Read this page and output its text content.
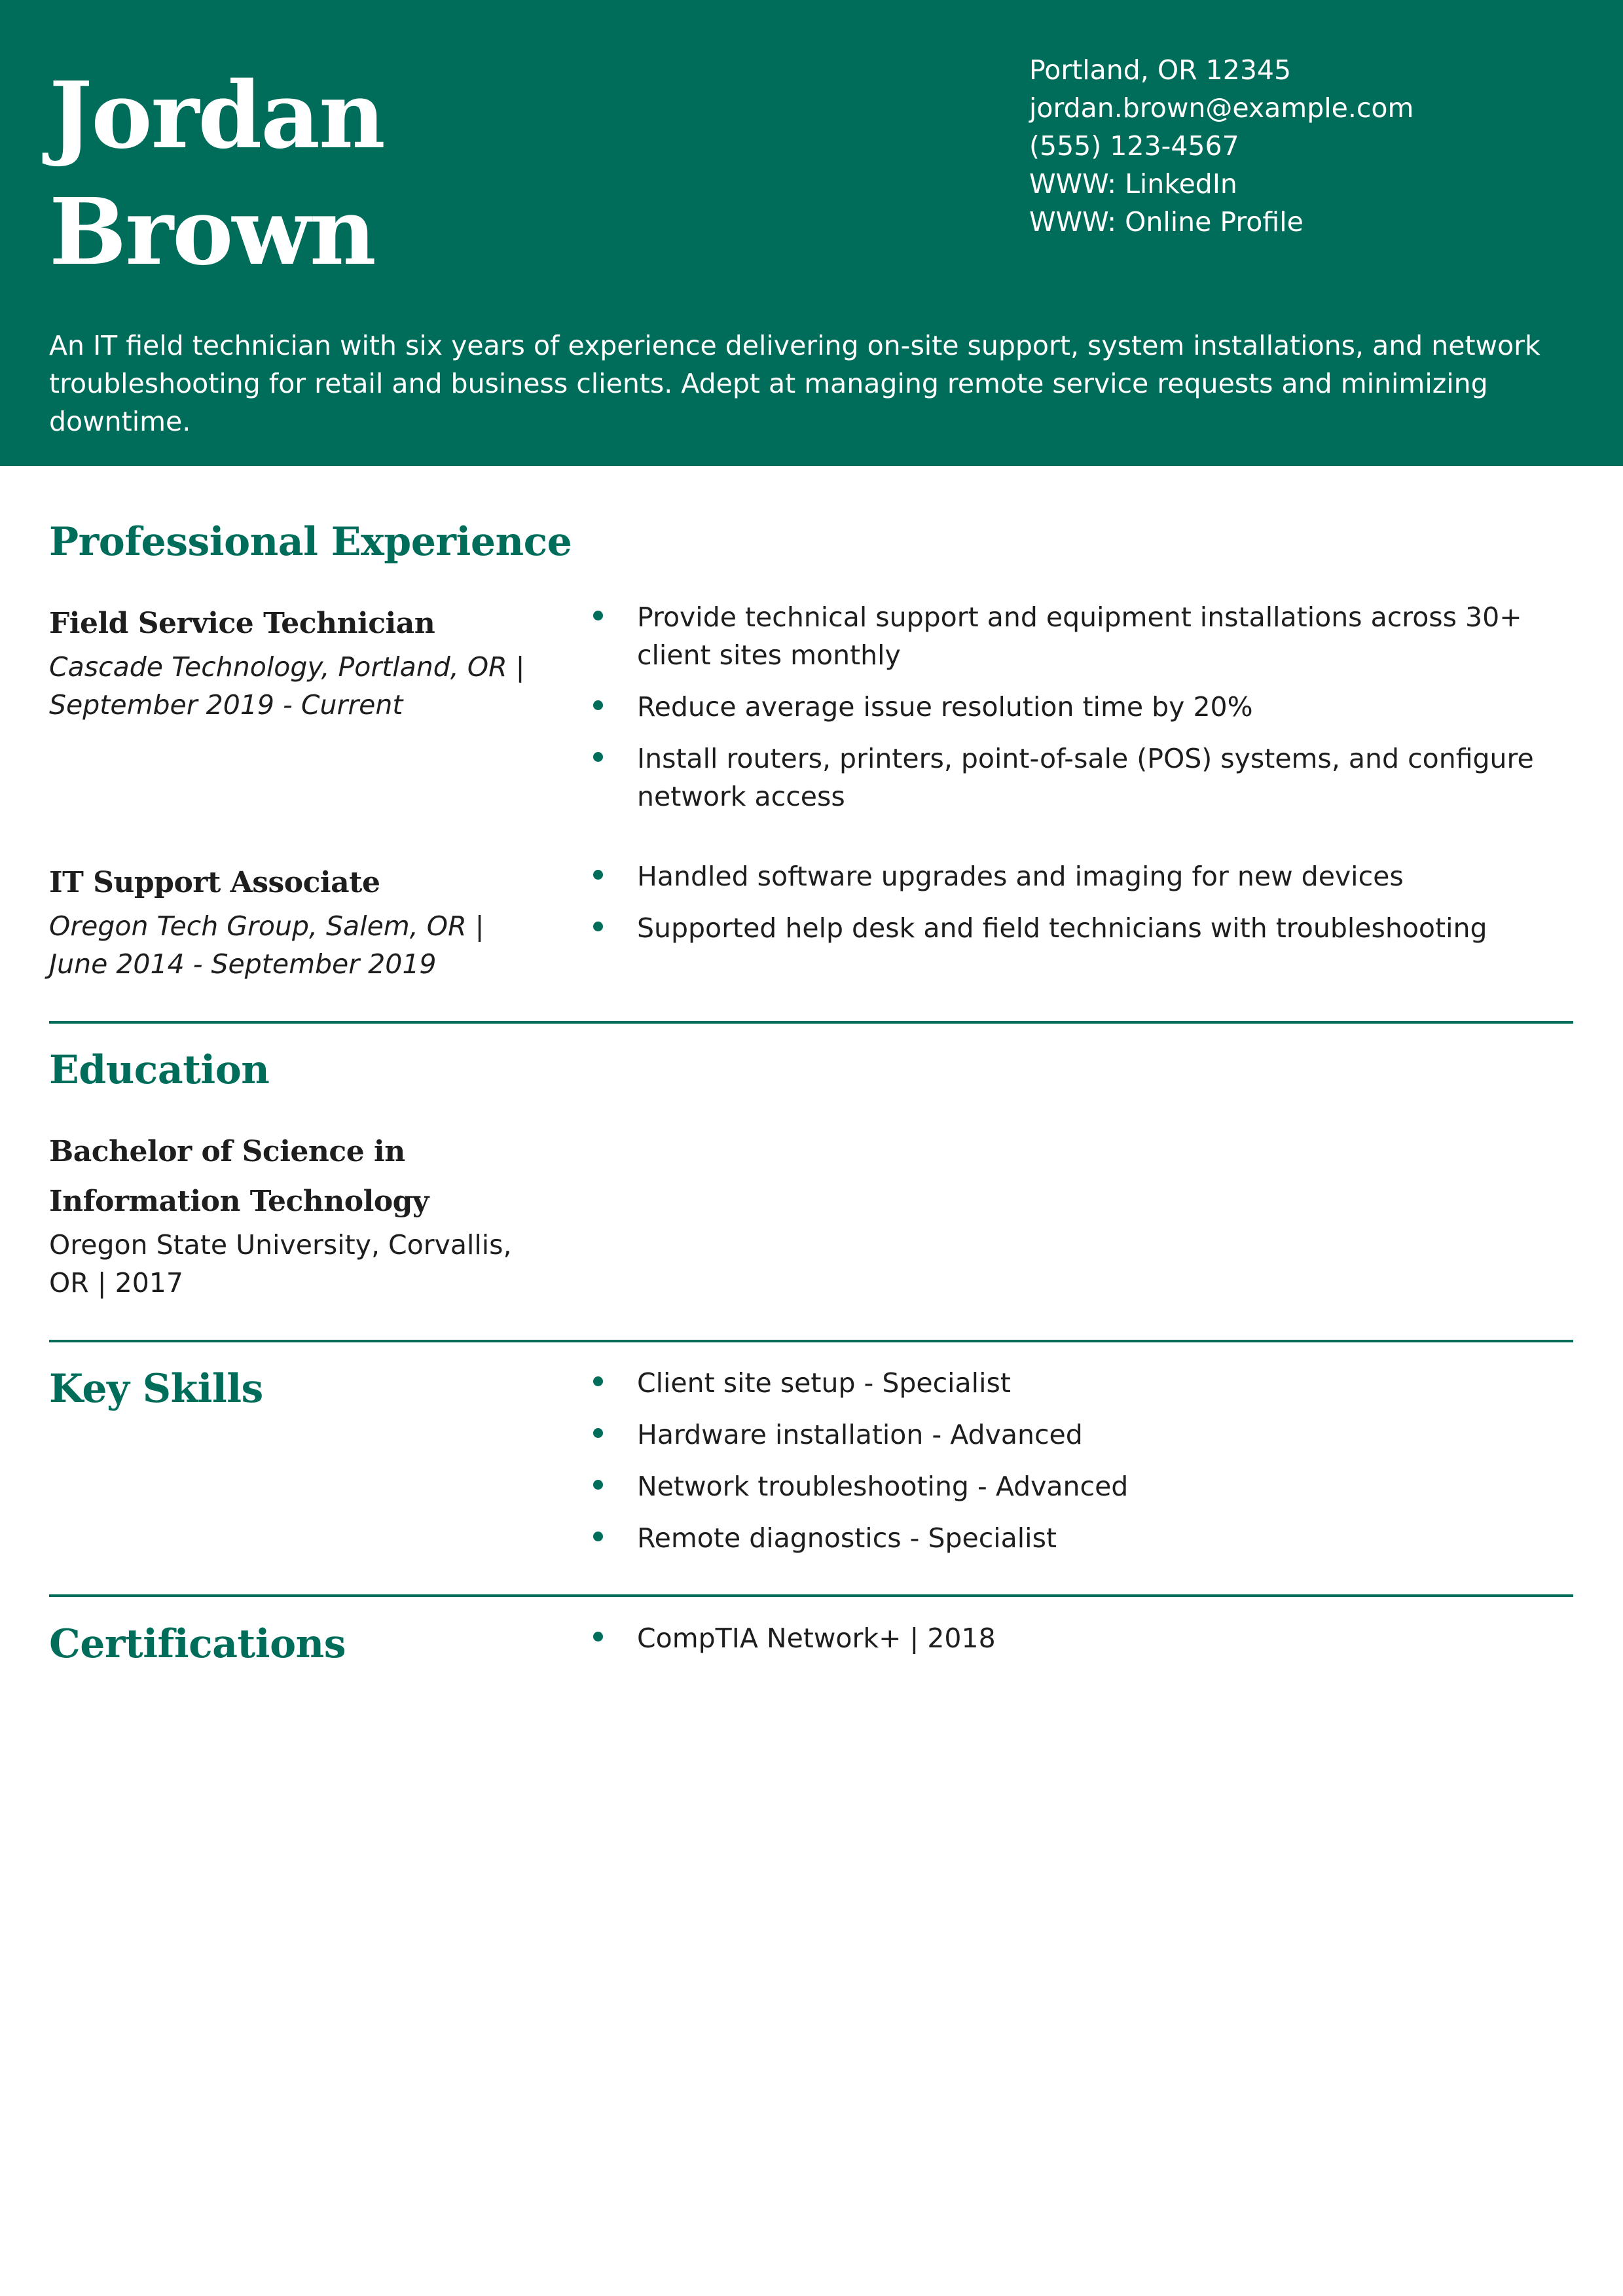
Jordan
Brown
Portland, OR 12345
jordan.brown@example.com
(555) 123-4567
WWW: LinkedIn
WWW: Online Profile

An IT field technician with six years of experience delivering on-site support, system installations, and network troubleshooting for retail and business clients. Adept at managing remote service requests and minimizing downtime.

Professional Experience
Field Service Technician
Cascade Technology, Portland, OR |
September 2019 - Current
Provide technical support and equipment installations across 30+ client sites monthly
Reduce average issue resolution time by 20%
Install routers, printers, point-of-sale (POS) systems, and configure network access
IT Support Associate
Oregon Tech Group, Salem, OR |
June 2014 - September 2019
Handled software upgrades and imaging for new devices
Supported help desk and field technicians with troubleshooting
Education
Bachelor of Science in
Information Technology
Oregon State University, Corvallis,
OR | 2017
Key Skills	Client site setup - Specialist
Hardware installation - Advanced
Network troubleshooting - Advanced
Remote diagnostics - Specialist
Certifications	CompTIA Network+ | 2018
